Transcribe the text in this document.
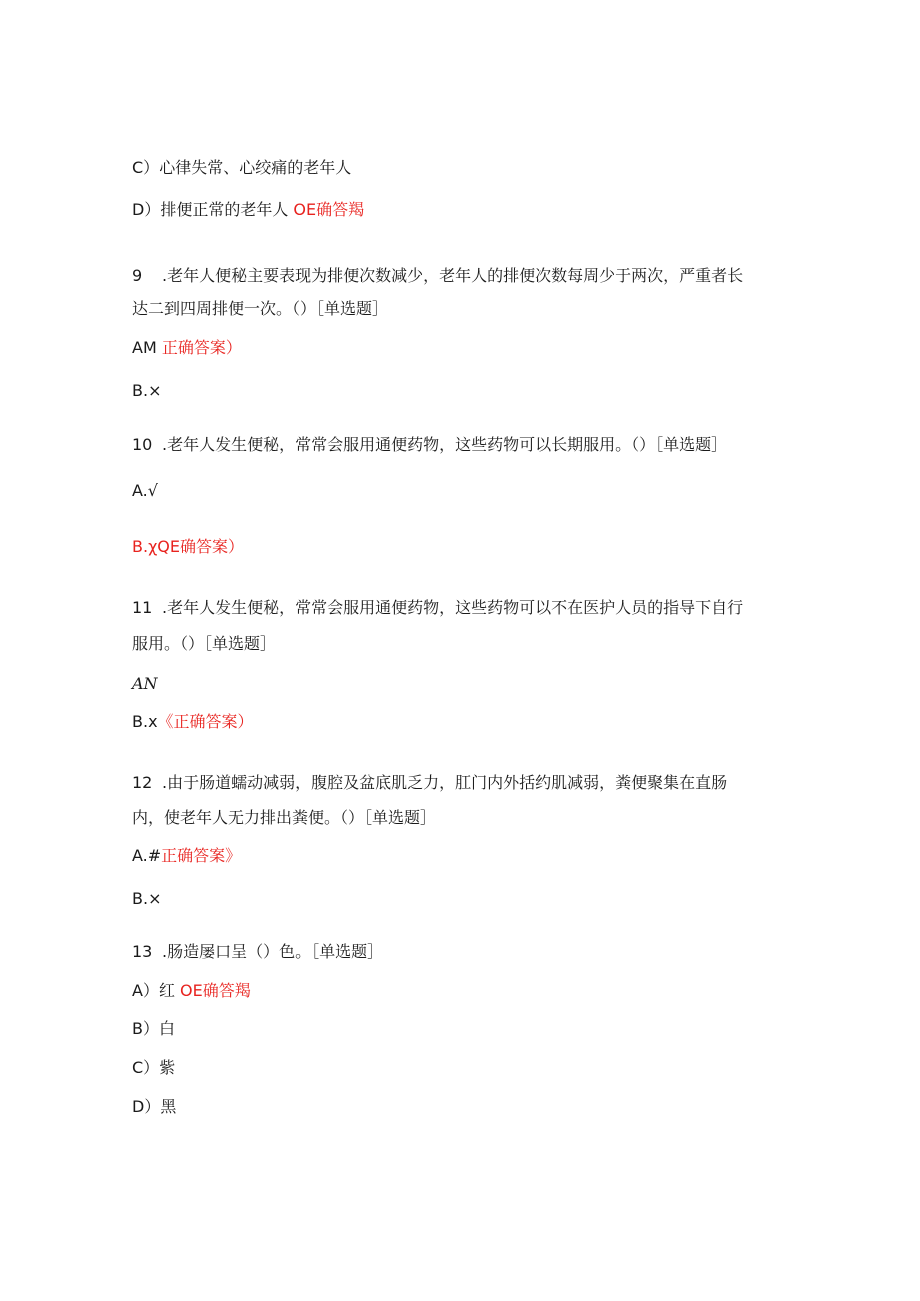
C）心律失常、心绞痛的老年人
D）排便正常的老年人 OE确答羯
9 .老年人便秘主要表现为排便次数减少，老年人的排便次数每周少于两次，严重者长
达二到四周排便一次。（）［单选题］
AM 正确答案）
B.×
10 .老年人发生便秘，常常会服用通便药物，这些药物可以长期服用。（）［单选题］
A.√
B.χQE确答案）
11 .老年人发生便秘，常常会服用通便药物，这些药物可以不在医护人员的指导下自行
服用。（）［单选题］
AN
B.x《正确答案）
12 .由于肠道蠕动减弱，腹腔及盆底肌乏力，肛门内外括约肌减弱，粪便聚集在直肠
内，使老年人无力排出粪便。（）［单选题］
A.#正确答案》
B.×
13 .肠造屡口呈（）色。［单选题］
A）红 OE确答羯
B）白
C）紫
D）黑
